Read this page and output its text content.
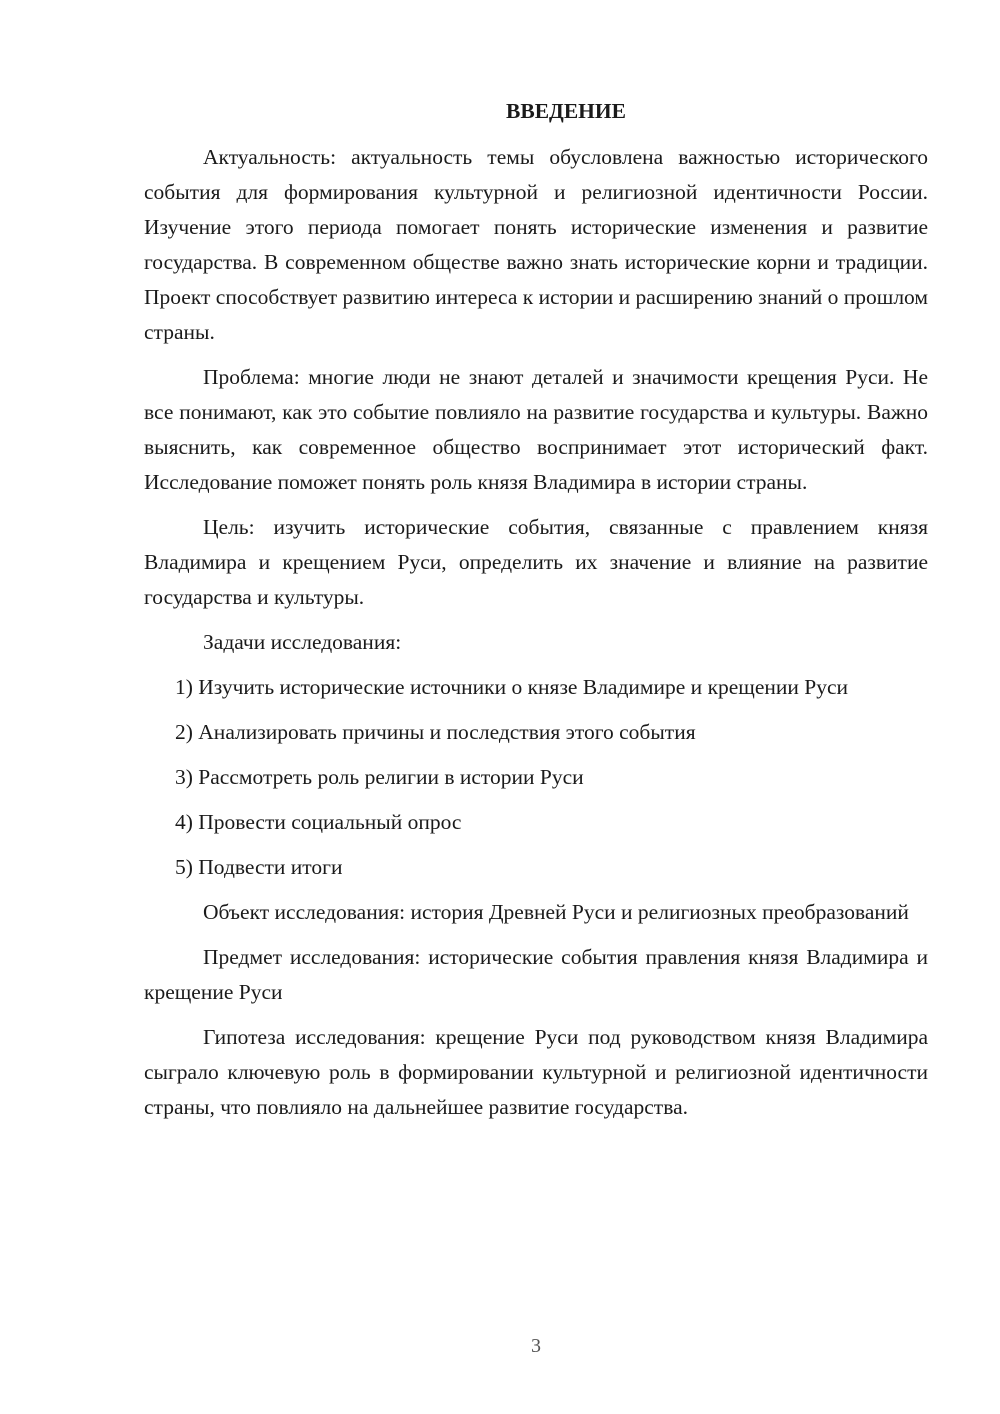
ВВЕДЕНИЕ

Актуальность: актуальность темы обусловлена важностью исторического события для формирования культурной и религиозной идентичности России. Изучение этого периода помогает понять исторические изменения и развитие государства. В современном обществе важно знать исторические корни и традиции. Проект способствует развитию интереса к истории и расширению знаний о прошлом страны.

Проблема: многие люди не знают деталей и значимости крещения Руси. Не все понимают, как это событие повлияло на развитие государства и культуры. Важно выяснить, как современное общество воспринимает этот исторический факт. Исследование поможет понять роль князя Владимира в истории страны.

Цель: изучить исторические события, связанные с правлением князя Владимира и крещением Руси, определить их значение и влияние на развитие государства и культуры.

Задачи исследования:

1) Изучить исторические источники о князе Владимире и крещении Руси

2) Анализировать причины и последствия этого события

3) Рассмотреть роль религии в истории Руси

4) Провести социальный опрос

5) Подвести итоги

Объект исследования: история Древней Руси и религиозных преобразований

Предмет исследования: исторические события правления князя Владимира и крещение Руси

Гипотеза исследования: крещение Руси под руководством князя Владимира сыграло ключевую роль в формировании культурной и религиозной идентичности страны, что повлияло на дальнейшее развитие государства.

3
